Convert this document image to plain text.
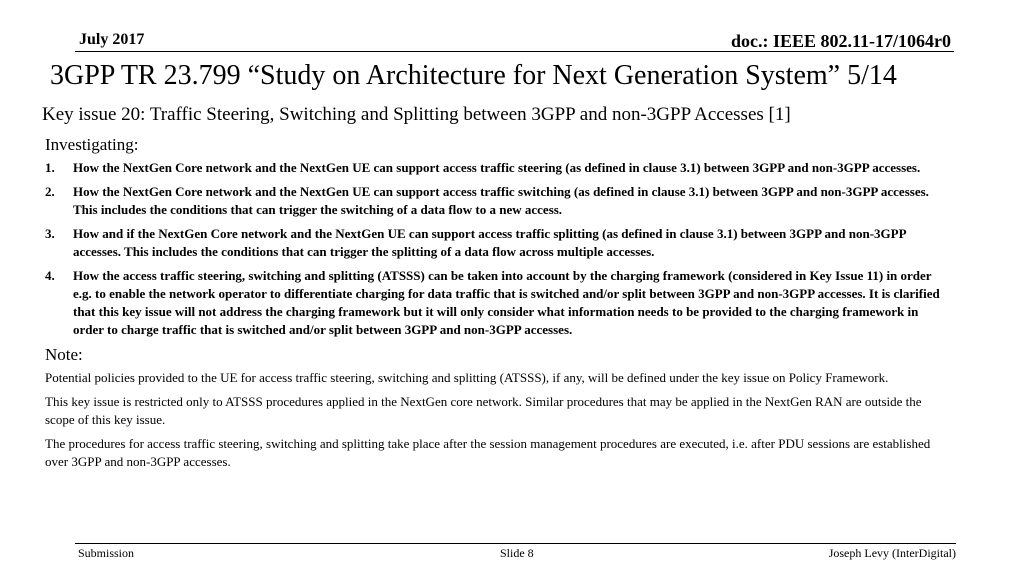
July 2017	doc.: IEEE 802.11-17/1064r0
3GPP TR 23.799 “Study on Architecture for Next Generation System” 5/14
Key issue 20: Traffic Steering, Switching and Splitting between 3GPP and non-3GPP Accesses [1]
Investigating:
1. How the NextGen Core network and the NextGen UE can support access traffic steering (as defined in clause 3.1) between 3GPP and non-3GPP accesses.
2. How the NextGen Core network and the NextGen UE can support access traffic switching (as defined in clause 3.1) between 3GPP and non-3GPP accesses. This includes the conditions that can trigger the switching of a data flow to a new access.
3. How and if the NextGen Core network and the NextGen UE can support access traffic splitting (as defined in clause 3.1) between 3GPP and non-3GPP accesses. This includes the conditions that can trigger the splitting of a data flow across multiple accesses.
4. How the access traffic steering, switching and splitting (ATSSS) can be taken into account by the charging framework (considered in Key Issue 11) in order e.g. to enable the network operator to differentiate charging for data traffic that is switched and/or split between 3GPP and non-3GPP accesses. It is clarified that this key issue will not address the charging framework but it will only consider what information needs to be provided to the charging framework in order to charge traffic that is switched and/or split between 3GPP and non-3GPP accesses.
Note:

Potential policies provided to the UE for access traffic steering, switching and splitting (ATSSS), if any, will be defined under the key issue on Policy Framework.

This key issue is restricted only to ATSSS procedures applied in the NextGen core network. Similar procedures that may be applied in the NextGen RAN are outside the scope of this key issue.

The procedures for access traffic steering, switching and splitting take place after the session management procedures are executed, i.e. after PDU sessions are established over 3GPP and non-3GPP accesses.

Submission	Slide 8	Joseph Levy (InterDigital)
